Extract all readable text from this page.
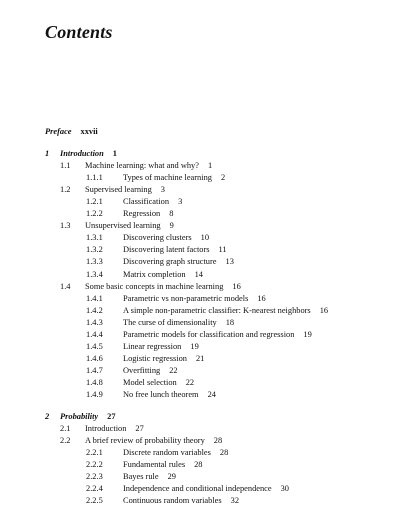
Contents
Preface xxvii
1 Introduction 1
1.1 Machine learning: what and why? 1
1.1.1 Types of machine learning 2
1.2 Supervised learning 3
1.2.1 Classification 3
1.2.2 Regression 8
1.3 Unsupervised learning 9
1.3.1 Discovering clusters 10
1.3.2 Discovering latent factors 11
1.3.3 Discovering graph structure 13
1.3.4 Matrix completion 14
1.4 Some basic concepts in machine learning 16
1.4.1 Parametric vs non-parametric models 16
1.4.2 A simple non-parametric classifier: K-nearest neighbors 16
1.4.3 The curse of dimensionality 18
1.4.4 Parametric models for classification and regression 19
1.4.5 Linear regression 19
1.4.6 Logistic regression 21
1.4.7 Overfitting 22
1.4.8 Model selection 22
1.4.9 No free lunch theorem 24
2 Probability 27
2.1 Introduction 27
2.2 A brief review of probability theory 28
2.2.1 Discrete random variables 28
2.2.2 Fundamental rules 28
2.2.3 Bayes rule 29
2.2.4 Independence and conditional independence 30
2.2.5 Continuous random variables 32
